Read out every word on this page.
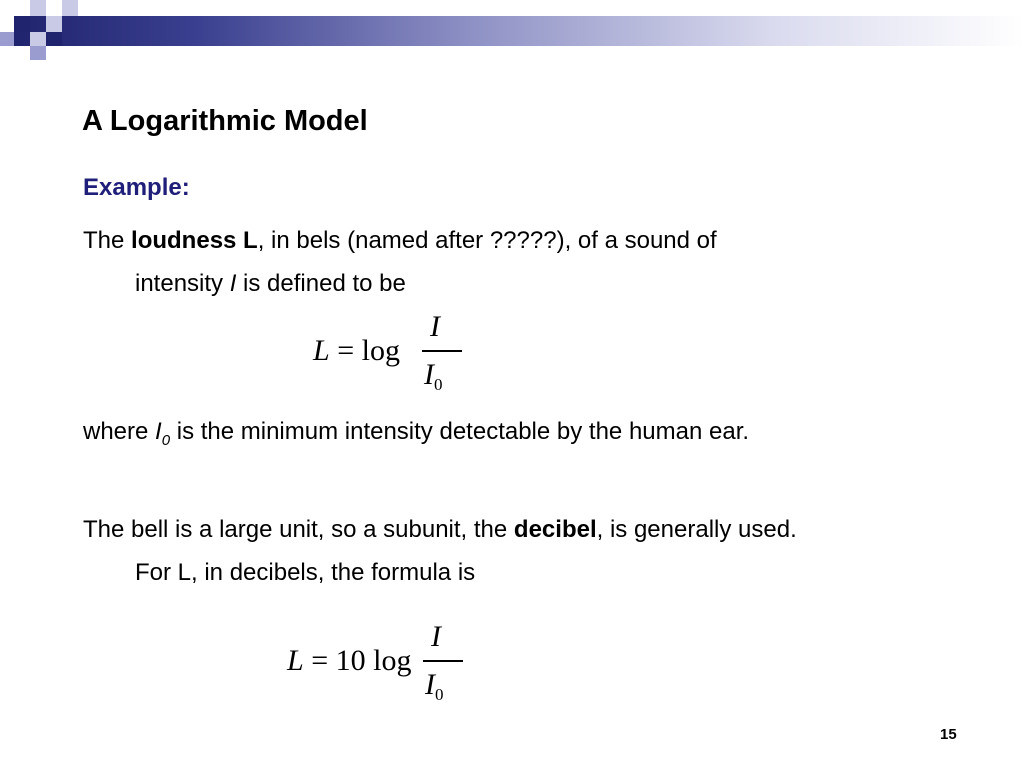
A Logarithmic Model

Example:

The loudness L, in bels (named after ?????), of a sound of
intensity I is defined to be

L = log
I
$I_0$

where $I_0$ is the minimum intensity detectable by the human ear.

The bell is a large unit, so a subunit, the decibel, is generally used.
For L, in decibels, the formula is

L = 10 log
I
$I_0$

15
